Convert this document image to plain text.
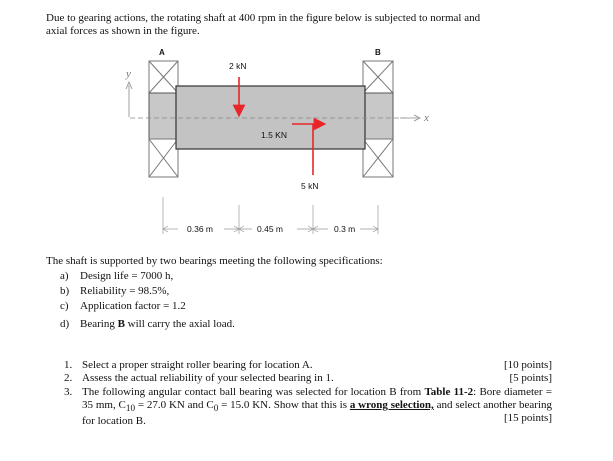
Due to gearing actions, the rotating shaft at 400 rpm in the figure below is subjected to normal and
axial forces as shown in the figure.
y
x
A	B
2 kN
1.5 KN
5 kN
0.36 m	0.45 m	0.3 m
The shaft is supported by two bearings meeting the following specifications:
a) Design life = 7000 h,
b) Reliability = 98.5%,
c) Application factor = 1.2
d) Bearing B will carry the axial load.
1. Select a proper straight roller bearing for location A.	[10 points]
2. Assess the actual reliability of your selected bearing in 1.	[5 points]
3. The following angular contact ball bearing was selected for location B from Table 11-2: Bore diameter = 35 mm, $C_{10} = 27.0$ KN and $C_0 = 15.0$ KN. Show that this is a wrong selection, and select another bearing for location B.	[15 points]
